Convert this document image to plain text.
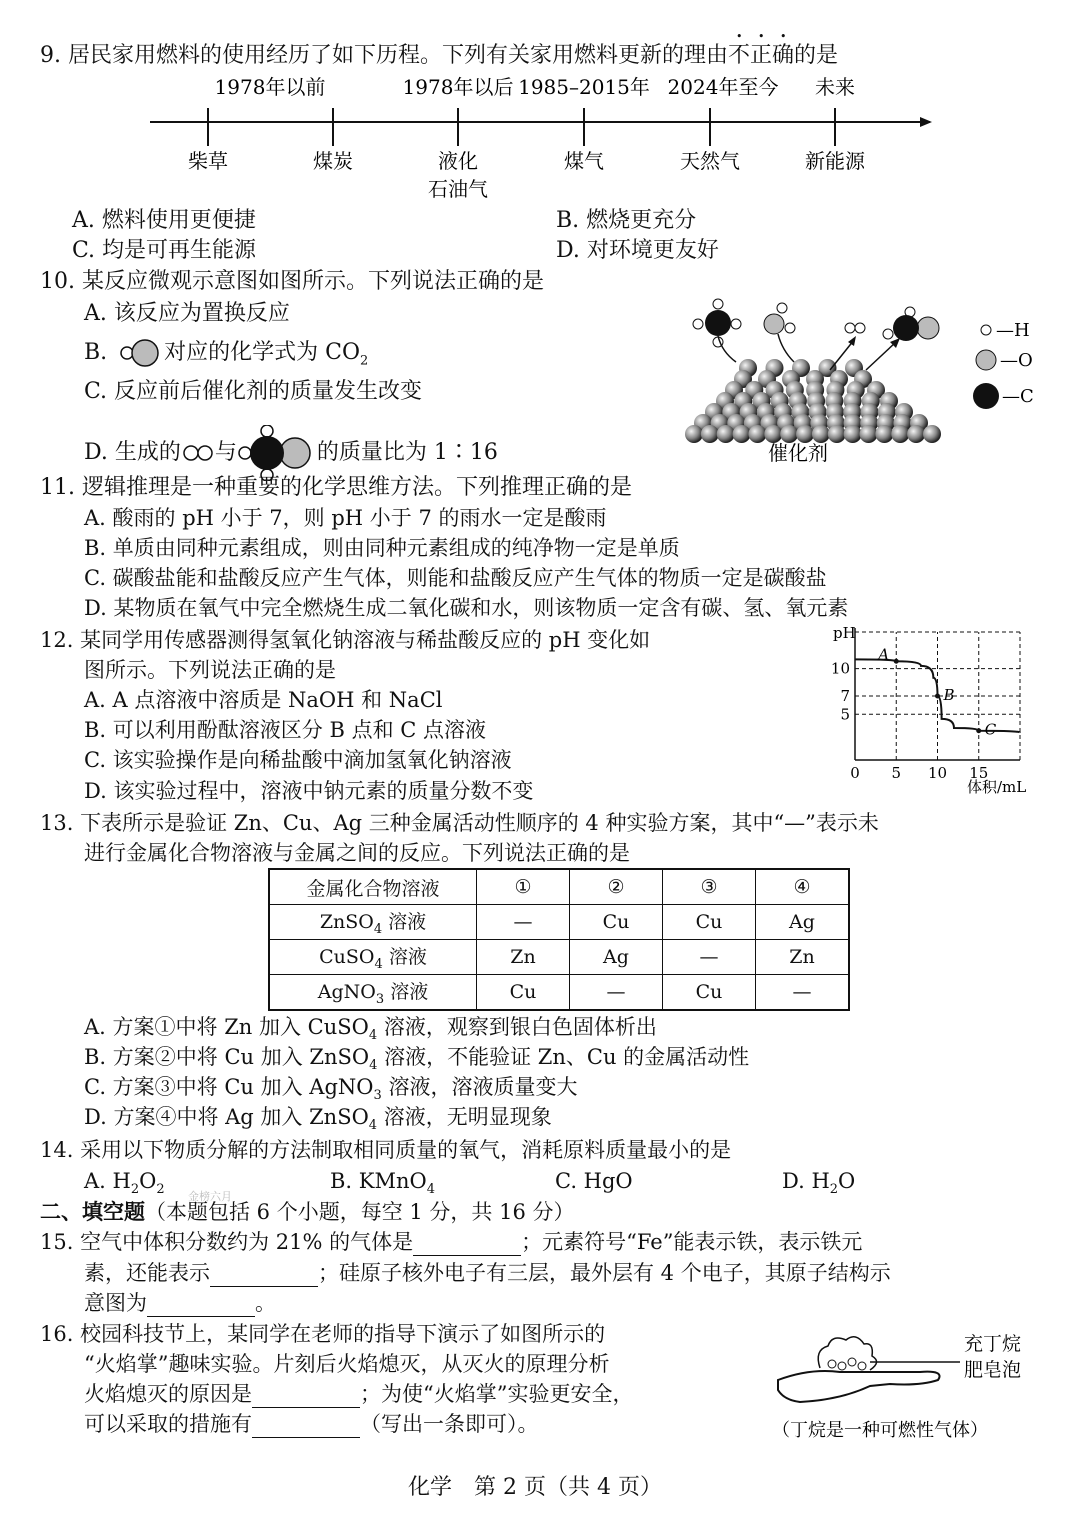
9. 居民家用燃料的使用经历了如下历程。下列有关家用燃料更新的理由不正确的是
1978年以前	1978年以后 1985–2015年 2024年至今 未来
柴草	煤炭	液化
石油气
煤气	天然气	新能源
A. 燃料使用更便捷	B. 燃烧更充分
C. 均是可再生能源	D. 对环境更友好
10. 某反应微观示意图如图所示。下列说法正确的是
A. 该反应为置换反应
B.	对应的化学式为 $CO_2$
C. 反应前后催化剂的质量发生改变
D. 生成的 与	的质量比为 1∶16
—H
—O
—C
催化剂
11. 逻辑推理是一种重要的化学思维方法。下列推理正确的是
A. 酸雨的 pH 小于 7，则 pH 小于 7 的雨水一定是酸雨
B. 单质由同种元素组成，则由同种元素组成的纯净物一定是单质
C. 碳酸盐能和盐酸反应产生气体，则能和盐酸反应产生气体的物质一定是碳酸盐
D. 某物质在氧气中完全燃烧生成二氧化碳和水，则该物质一定含有碳、氢、氧元素
12. 某同学用传感器测得氢氧化钠溶液与稀盐酸反应的 pH 变化如
图所示。下列说法正确的是
A. A 点溶液中溶质是 NaOH 和 NaCl
B. 可以利用酚酞溶液区分 B 点和 C 点溶液
C. 该实验操作是向稀盐酸中滴加氢氧化钠溶液
D. 该实验过程中，溶液中钠元素的质量分数不变
pH
体积/mL
0 5 10 15
5
7
10
A
B
C
13. 下表所示是验证 Zn、Cu、Ag 三种金属活动性顺序的 4 种实验方案，其中“—”表示未
进行金属化合物溶液与金属之间的反应。下列说法正确的是
金属化合物溶液	①	②	③	④
ZnSO$_4$ 溶液	—	Cu	Cu	Ag
CuSO$_4$ 溶液	Zn	Ag	—	Zn
AgNO$_3$ 溶液	Cu	—	Cu	—
A. 方案①中将 Zn 加入 CuSO$_4$ 溶液，观察到银白色固体析出
B. 方案②中将 Cu 加入 ZnSO$_4$ 溶液，不能验证 Zn、Cu 的金属活动性
C. 方案③中将 Cu 加入 AgNO$_3$ 溶液，溶液质量变大
D. 方案④中将 Ag 加入 ZnSO$_4$ 溶液，无明显现象
14. 采用以下物质分解的方法制取相同质量的氧气，消耗原料质量最小的是
A. $H_2O_2$	B. KMnO$_4$	C. HgO	D. $H_2O$
二、填空题（本题包括 6 个小题，每空 1 分，共 16 分）
金榜六月
15. 空气中体积分数约为 21% 的气体是	；元素符号“Fe”能表示铁，表示铁元
素，还能表示	；硅原子核外电子有三层，最外层有 4 个电子，其原子结构示
意图为	。
16. 校园科技节上，某同学在老师的指导下演示了如图所示的
“火焰掌”趣味实验。片刻后火焰熄灭，从灭火的原理分析
火焰熄灭的原因是	；为使“火焰掌”实验更安全，
可以采取的措施有	（写出一条即可）。
充丁烷
肥皂泡
（丁烷是一种可燃性气体）
化学　第 2 页（共 4 页）
